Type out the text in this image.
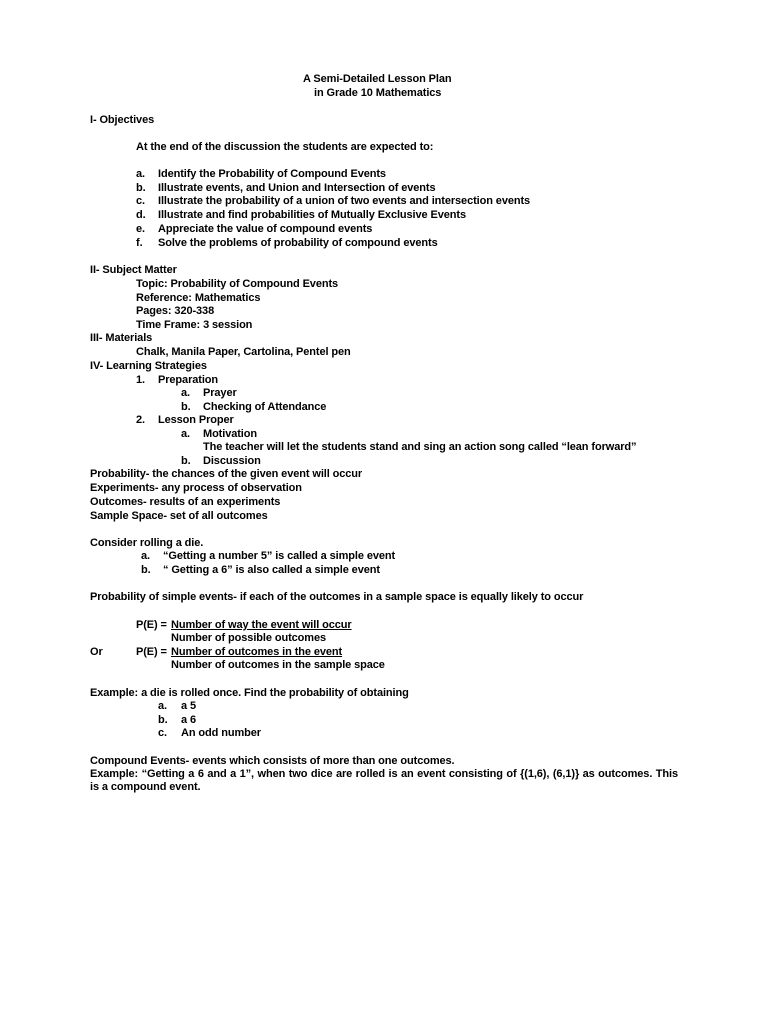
A Semi-Detailed Lesson Plan
in Grade 10 Mathematics
I- Objectives
At the end of the discussion the students are expected to:
a. Identify the Probability of Compound Events
b. Illustrate events, and Union and Intersection of events
c. Illustrate the probability of a union of two events and intersection events
d. Illustrate and find probabilities of Mutually Exclusive Events
e. Appreciate the value of compound events
f. Solve the problems of probability of compound events
II- Subject Matter
Topic: Probability of Compound Events
Reference: Mathematics
Pages: 320-338
Time Frame: 3 session
III- Materials
Chalk, Manila Paper, Cartolina, Pentel pen
IV- Learning Strategies
1. Preparation
a. Prayer
b. Checking of Attendance
2. Lesson Proper
a. Motivation
The teacher will let the students stand and sing an action song called “lean forward”
b. Discussion
Probability- the chances of the given event will occur
Experiments- any process of observation
Outcomes- results of an experiments
Sample Space- set of all outcomes
Consider rolling a die.
a. “Getting a number 5” is called a simple event
b. “ Getting a 6” is also called a simple event
Probability of simple events- if each of the outcomes in a sample space is equally likely to occur
P(E) = Number of way the event will occur
Number of possible outcomes
Or	P(E) = Number of outcomes in the event
Number of outcomes in the sample space
Example: a die is rolled once. Find the probability of obtaining
a. a 5
b. a 6
c. An odd number
Compound Events- events which consists of more than one outcomes.
Example: “Getting a 6 and a 1”, when two dice are rolled is an event consisting of {(1,6), (6,1)} as outcomes. This is a compound event.
